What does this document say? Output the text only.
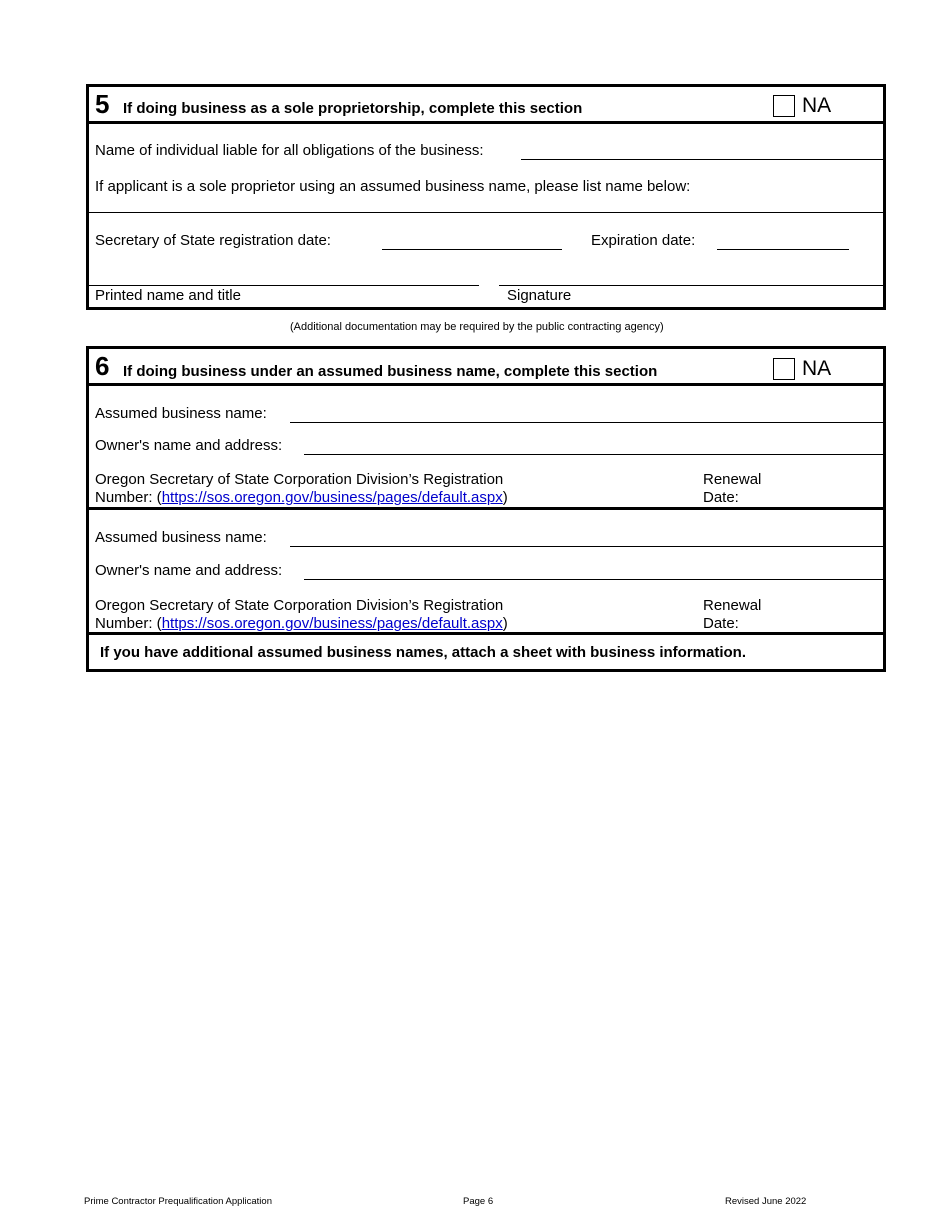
5 If doing business as a sole proprietorship, complete this section	NA
Name of individual liable for all obligations of the business:
If applicant is a sole proprietor using an assumed business name, please list name below:
Secretary of State registration date:	Expiration date:
Printed name and title	Signature
(Additional documentation may be required by the public contracting agency)
6 If doing business under an assumed business name, complete this section	NA
Assumed business name:
Owner's name and address:
Oregon Secretary of State Corporation Division’s Registration
Number: (https://sos.oregon.gov/business/pages/default.aspx)
Renewal
Date:
Assumed business name:
Owner's name and address:
Oregon Secretary of State Corporation Division’s Registration
Number: (https://sos.oregon.gov/business/pages/default.aspx)
Renewal
Date:
If you have additional assumed business names, attach a sheet with business information.
Prime Contractor Prequalification Application	Page 6	Revised June 2022
